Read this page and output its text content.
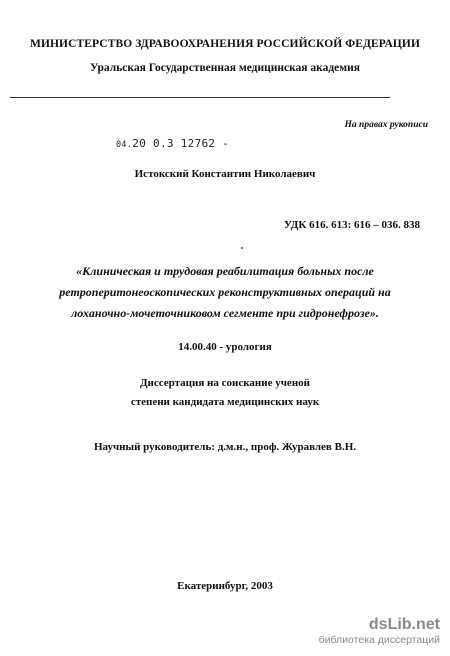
МИНИСТЕРСТВО ЗДРАВООХРАНЕНИЯ РОССИЙСКОЙ ФЕДЕРАЦИИ
Уральская Государственная медицинская академия
На правах рукописи
04.20 0.3 12762 -
Истокский Константин Николаевич
УДК 616. 613: 616 – 036. 838
«Клиническая и трудовая реабилитация больных после
ретроперитонеоскопических реконструктивных операций на
лоханочно-мочеточниковом сегменте при гидронефрозе».
14.00.40 - урология
Диссертация на соискание ученой
степени кандидата медицинских наук
Научный руководитель: д.м.н., проф. Журавлев В.Н.
Екатеринбург, 2003
dsLib.net
библиотека диссертаций
